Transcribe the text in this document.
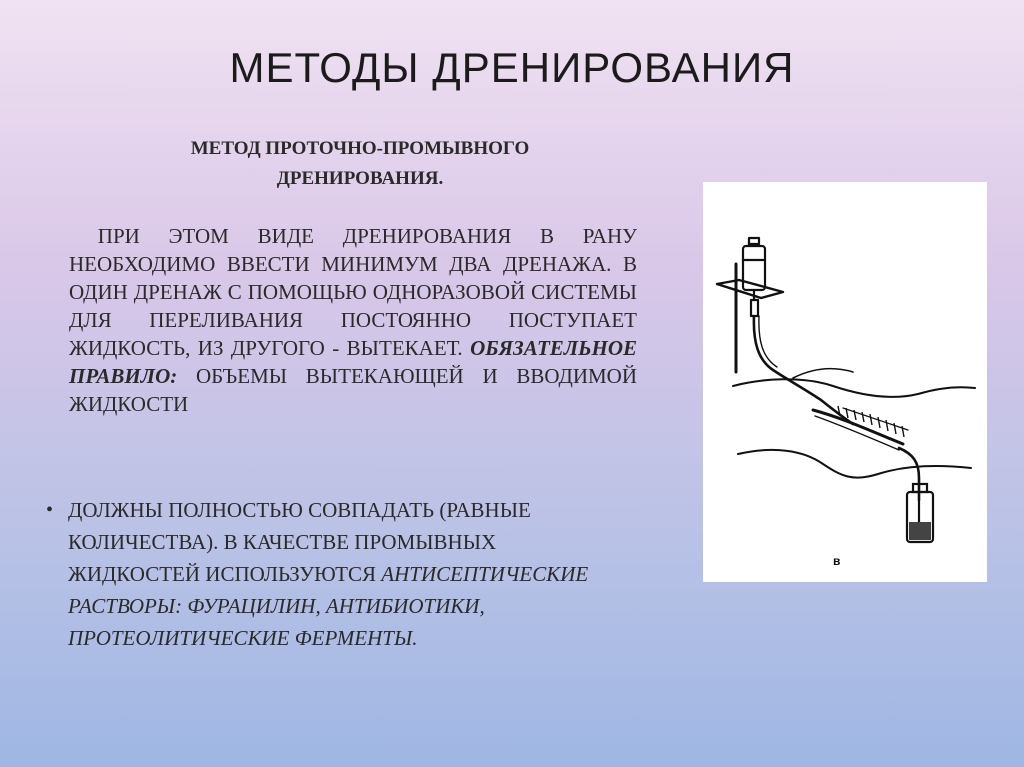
МЕТОДЫ ДРЕНИРОВАНИЯ
МЕТОД ПРОТОЧНО-ПРОМЫВНОГО
ДРЕНИРОВАНИЯ.
ПРИ ЭТОМ ВИДЕ ДРЕНИРОВАНИЯ В РАНУ НЕОБХОДИМО ВВЕСТИ МИНИМУМ ДВА ДРЕНАЖА. В ОДИН ДРЕНАЖ С ПОМОЩЬЮ ОДНОРАЗОВОЙ СИСТЕМЫ ДЛЯ ПЕРЕЛИВАНИЯ ПОСТОЯННО ПОСТУПАЕТ ЖИДКОСТЬ, ИЗ ДРУГОГО - ВЫТЕКАЕТ. ОБЯЗАТЕЛЬНОЕ ПРАВИЛО: ОБЪЕМЫ ВЫТЕКАЮЩЕЙ И ВВОДИМОЙ ЖИДКОСТИ
• ДОЛЖНЫ ПОЛНОСТЬЮ СОВПАДАТЬ (РАВНЫЕ КОЛИЧЕСТВА). В КАЧЕСТВЕ ПРОМЫВНЫХ ЖИДКОСТЕЙ ИСПОЛЬЗУЮТСЯ АНТИСЕПТИЧЕСКИЕ РАСТВОРЫ: ФУРАЦИЛИН, АНТИБИОТИКИ, ПРОТЕОЛИТИЧЕСКИЕ ФЕРМЕНТЫ.
в
